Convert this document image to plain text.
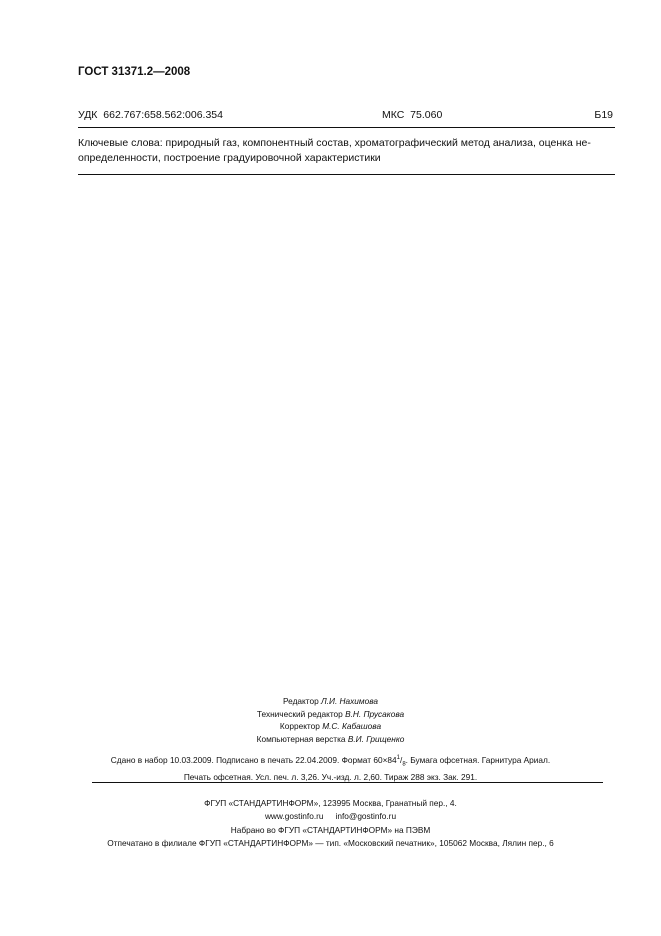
ГОСТ 31371.2—2008
УДК 662.767:658.562:006.354	МКС 75.060	Б19
Ключевые слова: природный газ, компонентный состав, хроматографический метод анализа, оценка не-
определенности, построение градуировочной характеристики
Редактор Л.И. Нахимова
Технический редактор В.Н. Прусакова
Корректор М.С. Кабашова
Компьютерная верстка В.И. Грищенко
Сдано в набор 10.03.2009. Подписано в печать 22.04.2009. Формат $60\times 84^1/_8$. Бумага офсетная. Гарнитура Ариал.
Печать офсетная. Усл. печ. л. 3,26. Уч.-изд. л. 2,60. Тираж 288 экз. Зак. 291.
ФГУП «СТАНДАРТИНФОРМ», 123995 Москва, Гранатный пер., 4.
www.gostinfo.ru info@gostinfo.ru
Набрано во ФГУП «СТАНДАРТИНФОРМ» на ПЭВМ
Отпечатано в филиале ФГУП «СТАНДАРТИНФОРМ» — тип. «Московский печатник», 105062 Москва, Лялин пер., 6
